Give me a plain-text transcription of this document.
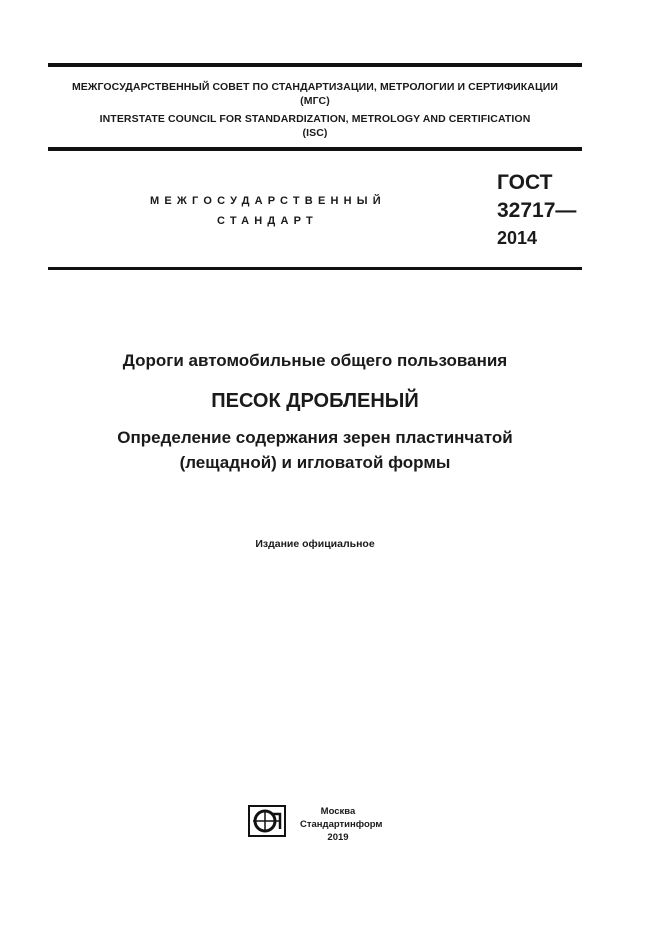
МЕЖГОСУДАРСТВЕННЫЙ СОВЕТ ПО СТАНДАРТИЗАЦИИ, МЕТРОЛОГИИ И СЕРТИФИКАЦИИ
(МГС)
INTERSTATE COUNCIL FOR STANDARDIZATION, METROLOGY AND CERTIFICATION
(ISC)
МЕЖГОСУДАРСТВЕННЫЙ
СТАНДАРТ
ГОСТ
32717—
2014
Дороги автомобильные общего пользования
ПЕСОК ДРОБЛЕНЫЙ
Определение содержания зерен пластинчатой
(лещадной) и игловатой формы
Издание официальное
Москва
Стандартинформ
2019
